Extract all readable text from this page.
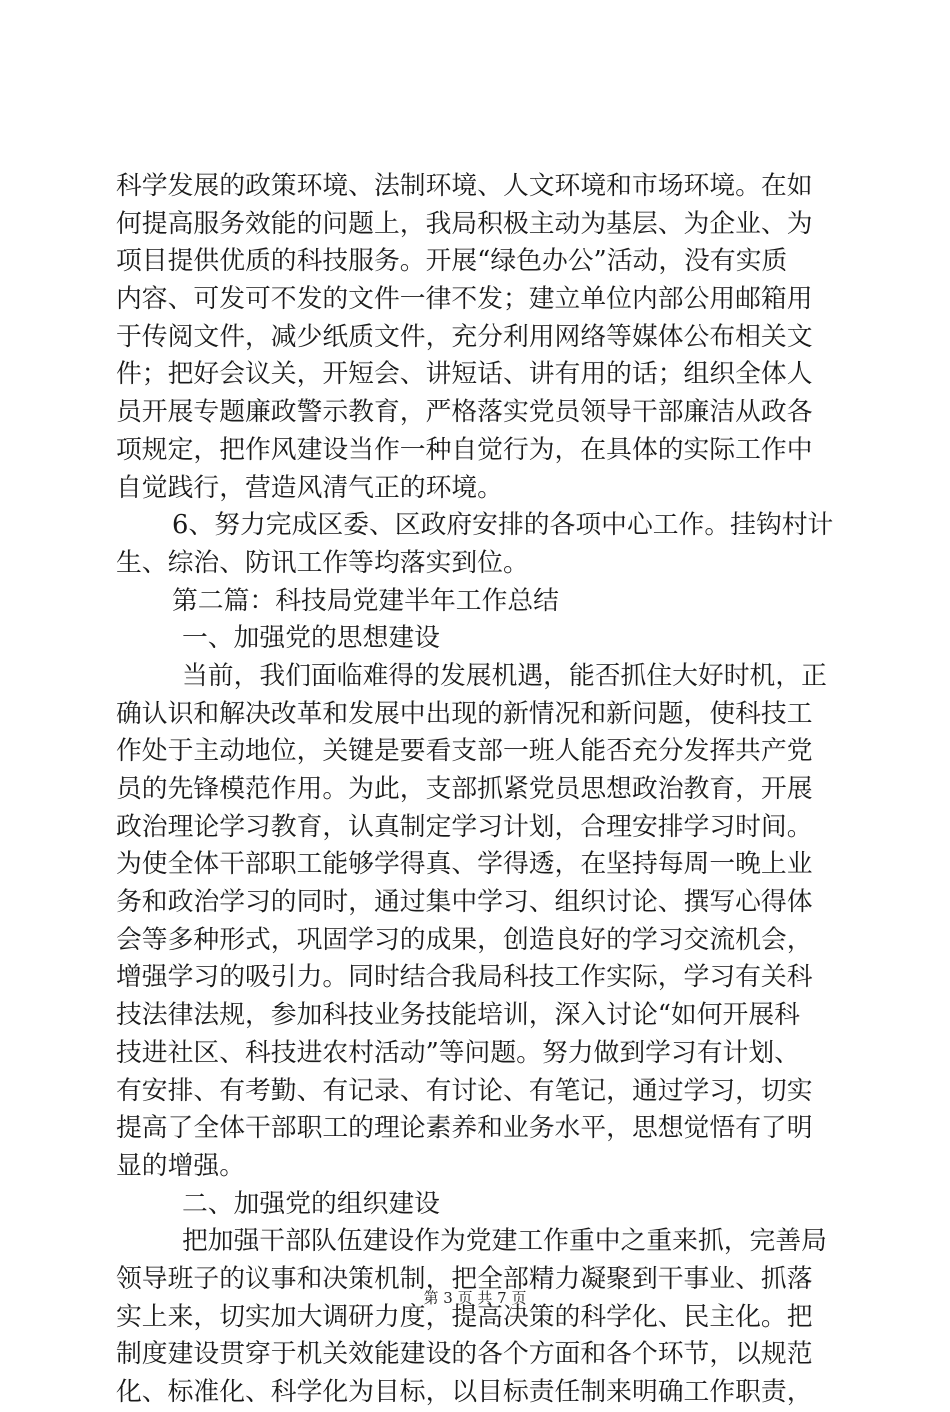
科学发展的政策环境、法制环境、人文环境和市场环境。在如
何提高服务效能的问题上，我局积极主动为基层、为企业、为
项目提供优质的科技服务。开展“绿色办公”活动，没有实质
内容、可发可不发的文件一律不发；建立单位内部公用邮箱用
于传阅文件，减少纸质文件，充分利用网络等媒体公布相关文
件；把好会议关，开短会、讲短话、讲有用的话；组织全体人
员开展专题廉政警示教育，严格落实党员领导干部廉洁从政各
项规定，把作风建设当作一种自觉行为，在具体的实际工作中
自觉践行，营造风清气正的环境。
6、努力完成区委、区政府安排的各项中心工作。挂钩村计
生、综治、防讯工作等均落实到位。
第二篇：科技局党建半年工作总结
一、加强党的思想建设
当前，我们面临难得的发展机遇，能否抓住大好时机，正
确认识和解决改革和发展中出现的新情况和新问题，使科技工
作处于主动地位，关键是要看支部一班人能否充分发挥共产党
员的先锋模范作用。为此，支部抓紧党员思想政治教育，开展
政治理论学习教育，认真制定学习计划，合理安排学习时间。
为使全体干部职工能够学得真、学得透，在坚持每周一晚上业
务和政治学习的同时，通过集中学习、组织讨论、撰写心得体
会等多种形式，巩固学习的成果，创造良好的学习交流机会，
增强学习的吸引力。同时结合我局科技工作实际，学习有关科
技法律法规，参加科技业务技能培训，深入讨论“如何开展科
技进社区、科技进农村活动”等问题。努力做到学习有计划、
有安排、有考勤、有记录、有讨论、有笔记，通过学习，切实
提高了全体干部职工的理论素养和业务水平，思想觉悟有了明
显的增强。
二、加强党的组织建设
把加强干部队伍建设作为党建工作重中之重来抓，完善局
领导班子的议事和决策机制，把全部精力凝聚到干事业、抓落
实上来，切实加大调研力度，提高决策的科学化、民主化。把
制度建设贯穿于机关效能建设的各个方面和各个环节，以规范
化、标准化、科学化为目标，以目标责任制来明确工作职责，
第 3 页 共 7 页
